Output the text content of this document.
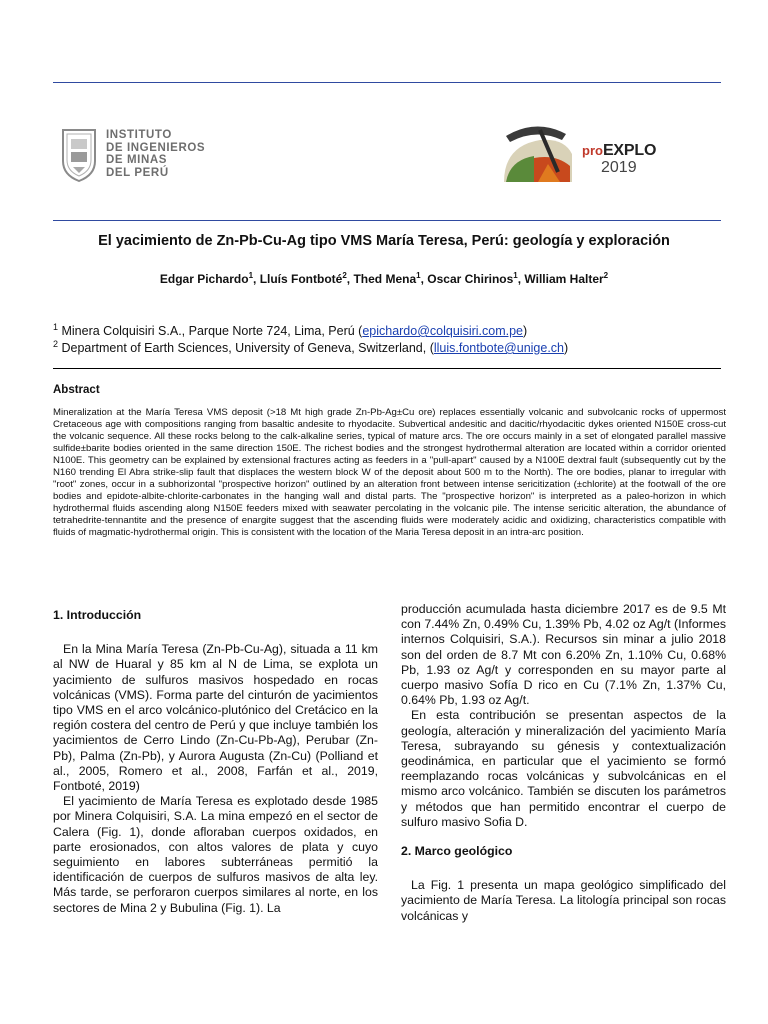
INSTITUTO
DE INGENIEROS
DE MINAS
DEL PERÚ
proEXPLO
2019
El yacimiento de Zn-Pb-Cu-Ag tipo VMS María Teresa, Perú: geología y exploración
Edgar Pichardo$^1$, Lluís Fontboté$^2$, Thed Mena$^1$, Oscar Chirinos$^1$, William Halter$^2$
$^1$ Minera Colquisiri S.A., Parque Norte 724, Lima, Perú (epichardo@colquisiri.com.pe)
$^2$ Department of Earth Sciences, University of Geneva, Switzerland, (lluis.fontbote@unige.ch)
Abstract
Mineralization at the María Teresa VMS deposit (>18 Mt high grade Zn-Pb-Ag±Cu ore) replaces essentially volcanic and subvolcanic rocks of uppermost Cretaceous age with compositions ranging from basaltic andesite to rhyodacite. Subvertical andesitic and dacitic/rhyodacitic dykes oriented N150E cross-cut the volcanic sequence. All these rocks belong to the calk-alkaline series, typical of mature arcs. The ore occurs mainly in a set of elongated parallel massive sulfide±barite bodies oriented in the same direction 150E. The richest bodies and the strongest hydrothermal alteration are located within a corridor oriented N100E. This geometry can be explained by extensional fractures acting as feeders in a "pull-apart" caused by a N100E dextral fault (subsequently cut by the N160 trending El Abra strike-slip fault that displaces the western block W of the deposit about 500 m to the North). The ore bodies, planar to irregular with "root" zones, occur in a subhorizontal "prospective horizon" outlined by an alteration front between intense sericitization (±chlorite) at the footwall of the ore bodies and epidote-albite-chlorite-carbonates in the hanging wall and distal parts. The "prospective horizon" is interpreted as a paleo-horizon in which hydrothermal fluids ascending along N150E feeders mixed with seawater percolating in the volcanic pile. The intense sericitic alteration, the abundance of tetrahedrite-tennantite and the presence of enargite suggest that the ascending fluids were moderately acidic and oxidizing, characteristics compatible with fluids of magmatic-hydrothermal origin. This is consistent with the location of the Maria Teresa deposit in an intra-arc position.
1. Introducción
En la Mina María Teresa (Zn-Pb-Cu-Ag), situada a 11 km al NW de Huaral y 85 km al N de Lima, se explota un yacimiento de sulfuros masivos hospedado en rocas volcánicas (VMS). Forma parte del cinturón de yacimientos tipo VMS en el arco volcánico-plutónico del Cretácico en la región costera del centro de Perú y que incluye también los yacimientos de Cerro Lindo (Zn-Cu-Pb-Ag), Perubar (Zn-Pb), Palma (Zn-Pb), y Aurora Augusta (Zn-Cu) (Polliand et al., 2005, Romero et al., 2008, Farfán et al., 2019, Fontboté, 2019)
El yacimiento de María Teresa es explotado desde 1985 por Minera Colquisiri, S.A. La mina empezó en el sector de Calera (Fig. 1), donde afloraban cuerpos oxidados, en parte erosionados, con altos valores de plata y cuyo seguimiento en labores subterráneas permitió la identificación de cuerpos de sulfuros masivos de alta ley. Más tarde, se perforaron cuerpos similares al norte, en los sectores de Mina 2 y Bubulina (Fig. 1). La
producción acumulada hasta diciembre 2017 es de 9.5 Mt con 7.44% Zn, 0.49% Cu, 1.39% Pb, 4.02 oz Ag/t (Informes internos Colquisiri, S.A.). Recursos sin minar a julio 2018 son del orden de 8.7 Mt con 6.20% Zn, 1.10% Cu, 0.68% Pb, 1.93 oz Ag/t y corresponden en su mayor parte al cuerpo masivo Sofía D rico en Cu (7.1% Zn, 1.37% Cu, 0.64% Pb, 1.93 oz Ag/t.
En esta contribución se presentan aspectos de la geología, alteración y mineralización del yacimiento María Teresa, subrayando su génesis y contextualización geodinámica, en particular que el yacimiento se formó reemplazando rocas volcánicas y subvolcánicas en el mismo arco volcánico. También se discuten los parámetros y métodos que han permitido encontrar el cuerpo de sulfuro masivo Sofia D.
2. Marco geológico
La Fig. 1 presenta un mapa geológico simplificado del yacimiento de María Teresa. La litología principal son rocas volcánicas y
